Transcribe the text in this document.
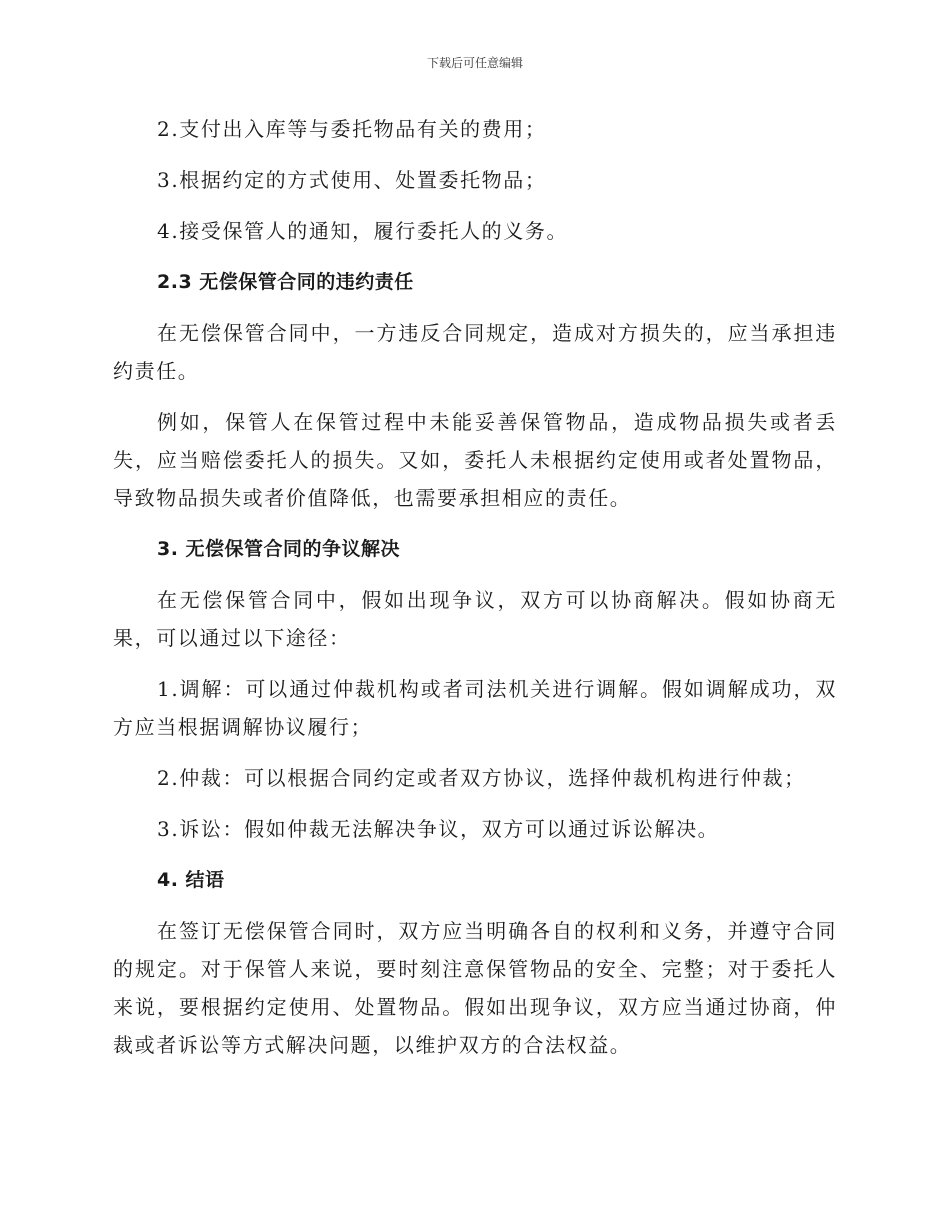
下载后可任意编辑

2.支付出入库等与委托物品有关的费用；

3.根据约定的方式使用、处置委托物品；

4.接受保管人的通知，履行委托人的义务。

2.3 无偿保管合同的违约责任

在无偿保管合同中，一方违反合同规定，造成对方损失的，应当承担违约责任。

例如，保管人在保管过程中未能妥善保管物品，造成物品损失或者丢失，应当赔偿委托人的损失。又如，委托人未根据约定使用或者处置物品，导致物品损失或者价值降低，也需要承担相应的责任。

3. 无偿保管合同的争议解决

在无偿保管合同中，假如出现争议，双方可以协商解决。假如协商无果，可以通过以下途径：

1.调解：可以通过仲裁机构或者司法机关进行调解。假如调解成功，双方应当根据调解协议履行；

2.仲裁：可以根据合同约定或者双方协议，选择仲裁机构进行仲裁；

3.诉讼：假如仲裁无法解决争议，双方可以通过诉讼解决。

4. 结语

在签订无偿保管合同时，双方应当明确各自的权利和义务，并遵守合同的规定。对于保管人来说，要时刻注意保管物品的安全、完整；对于委托人来说，要根据约定使用、处置物品。假如出现争议，双方应当通过协商，仲裁或者诉讼等方式解决问题，以维护双方的合法权益。
